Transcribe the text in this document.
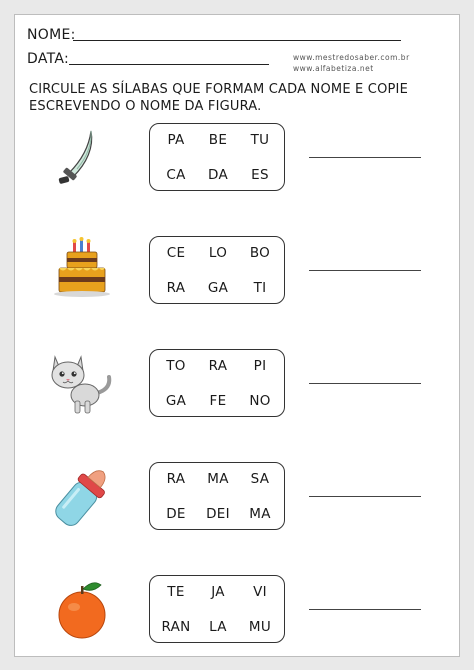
NOME:
DATA:	www.mestredosaber.com.br
www.alfabetiza.net
CIRCULE AS SÍLABAS QUE FORMAM CADA NOME E COPIE
ESCREVENDO O NOME DA FIGURA.
PA	BE	TU
CA	DA	ES
CE	LO	BO
RA	GA	TI
TO	RA	PI
GA	FE	NO
RA	MA	SA
DE	DEI	MA
TE	JA	VI
RAN	LA	MU
